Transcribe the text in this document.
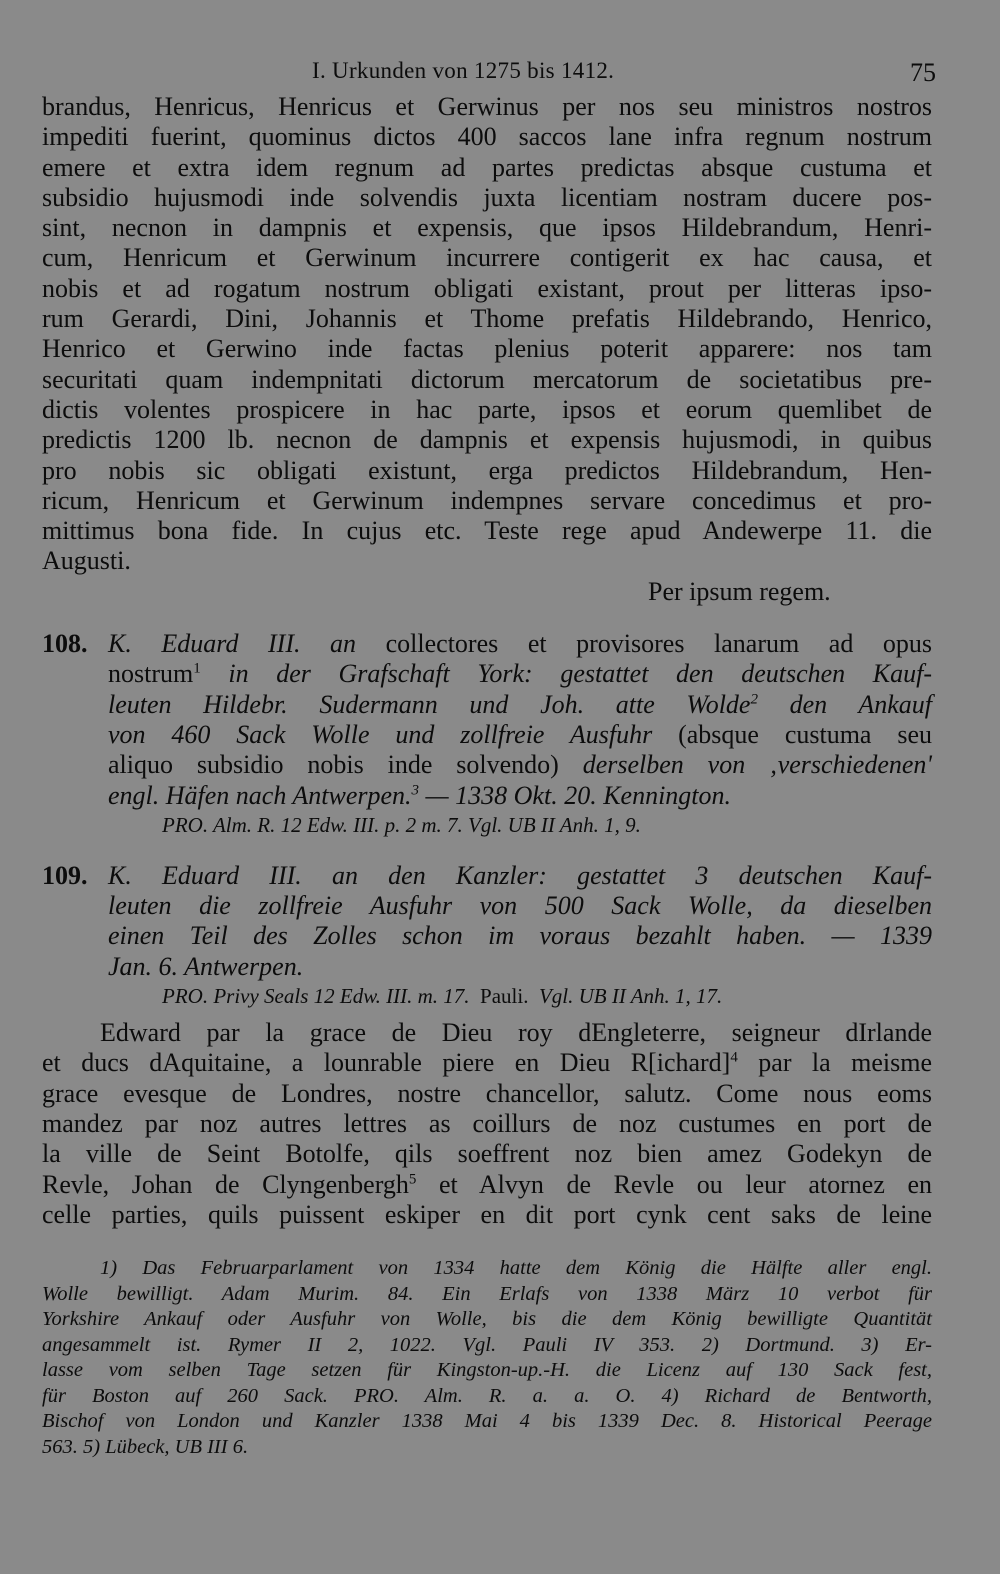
I. Urkunden von 1275 bis 1412.	75
brandus, Henricus, Henricus et Gerwinus per nos seu ministros nostros
impediti fuerint, quominus dictos 400 saccos lane infra regnum nostrum
emere et extra idem regnum ad partes predictas absque custuma et
subsidio hujusmodi inde solvendis juxta licentiam nostram ducere pos-
sint, necnon in dampnis et expensis, que ipsos Hildebrandum, Henri-
cum, Henricum et Gerwinum incurrere contigerit ex hac causa, et
nobis et ad rogatum nostrum obligati existant, prout per litteras ipso-
rum Gerardi, Dini, Johannis et Thome prefatis Hildebrando, Henrico,
Henrico et Gerwino inde factas plenius poterit apparere: nos tam
securitati quam indempnitati dictorum mercatorum de societatibus pre-
dictis volentes prospicere in hac parte, ipsos et eorum quemlibet de
predictis 1200 lb. necnon de dampnis et expensis hujusmodi, in quibus
pro nobis sic obligati existunt, erga predictos Hildebrandum, Hen-
ricum, Henricum et Gerwinum indempnes servare concedimus et pro-
mittimus bona fide. In cujus etc. Teste rege apud Andewerpe 11. die
Augusti.
Per ipsum regem.
108. K. Eduard III. an collectores et provisores lanarum ad opus
nostrum$^1$ in der Grafschaft York: gestattet den deutschen Kauf-
leuten Hildebr. Sudermann und Joh. atte Wolde$^2$ den Ankauf
von 460 Sack Wolle und zollfreie Ausfuhr (absque custuma seu
aliquo subsidio nobis inde solvendo) derselben von ‚verschiedenen'
engl. Häfen nach Antwerpen.$^3$ — 1338 Okt. 20. Kennington.
PRO. Alm. R. 12 Edw. III. p. 2 m. 7. Vgl. UB II Anh. 1, 9.
109. K. Eduard III. an den Kanzler: gestattet 3 deutschen Kauf-
leuten die zollfreie Ausfuhr von 500 Sack Wolle, da dieselben
einen Teil des Zolles schon im voraus bezahlt haben. — 1339
Jan. 6. Antwerpen.
PRO. Privy Seals 12 Edw. III. m. 17. Pauli. Vgl. UB II Anh. 1, 17.
Edward par la grace de Dieu roy dEngleterre, seigneur dIrlande
et ducs dAquitaine, a lounrable piere en Dieu R[ichard]$^4$ par la meisme
grace evesque de Londres, nostre chancellor, salutz. Come nous eoms
mandez par noz autres lettres as coillurs de noz custumes en port de
la ville de Seint Botolfe, qils soeffrent noz bien amez Godekyn de
Revle, Johan de Clyngenbergh$^5$ et Alvyn de Revle ou leur atornez en
celle parties, quils puissent eskiper en dit port cynk cent saks de leine
1) Das Februarparlament von 1334 hatte dem König die Hälfte aller engl.
Wolle bewilligt. Adam Murim. 84. Ein Erlafs von 1338 März 10 verbot für
Yorkshire Ankauf oder Ausfuhr von Wolle, bis die dem König bewilligte Quantität
angesammelt ist. Rymer II 2, 1022. Vgl. Pauli IV 353. 2) Dortmund. 3) Er-
lasse vom selben Tage setzen für Kingston-up.-H. die Licenz auf 130 Sack fest,
für Boston auf 260 Sack. PRO. Alm. R. a. a. O. 4) Richard de Bentworth,
Bischof von London und Kanzler 1338 Mai 4 bis 1339 Dec. 8. Historical Peerage
563. 5) Lübeck, UB III 6.
